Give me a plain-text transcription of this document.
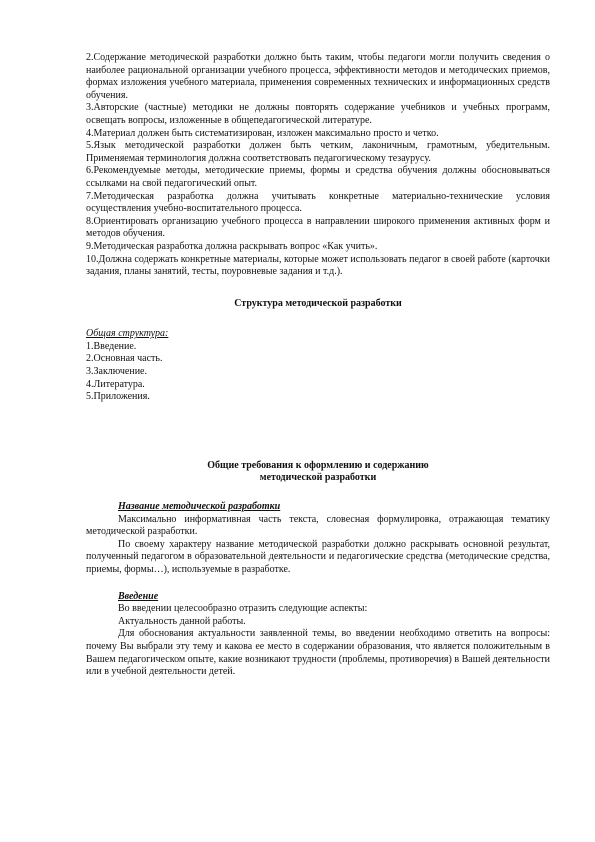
2.Содержание методической разработки должно быть таким, чтобы педагоги могли получить сведения о наиболее рациональной организации учебного процесса, эффективности методов и методических приемов, формах изложения учебного материала, применения современных технических и информационных средств обучения.

3.Авторские (частные) методики не должны повторять содержание учебников и учебных программ, освещать вопросы, изложенные в общепедагогической литературе.

4.Материал должен быть систематизирован, изложен максимально просто и четко.

5.Язык методической разработки должен быть четким, лаконичным, грамотным, убедительным. Применяемая терминология должна соответствовать педагогическому тезаурусу.

6.Рекомендуемые методы, методические приемы, формы и средства обучения должны обосновываться ссылками на свой педагогический опыт.

7.Методическая разработка должна учитывать конкретные материально-технические условия осуществления учебно-воспитательного процесса.

8.Ориентировать организацию учебного процесса в направлении широкого применения активных форм и методов обучения.

9.Методическая разработка должна раскрывать вопрос «Как учить».

10.Должна содержать конкретные материалы, которые может использовать педагог в своей работе (карточки задания, планы занятий, тесты, поуровневые задания и т.д.).

Структура методической разработки

Общая структура:

1.Введение.

2.Основная часть.

3.Заключение.

4.Литература.

5.Приложения.

Общие требования к оформлению и содержанию

методической разработки

Название методической разработки

Максимально информативная часть текста, словесная формулировка, отражающая тематику методической разработки.

По своему характеру название методической разработки должно раскрывать основной результат, полученный педагогом в образовательной деятельности и педагогические средства (методические средства, приемы, формы…), используемые в разработке.

Введение

Во введении целесообразно отразить следующие аспекты:

Актуальность данной работы.

Для обоснования актуальности заявленной темы, во введении необходимо ответить на вопросы: почему Вы выбрали эту тему и какова ее место в содержании образования, что является положительным в Вашем педагогическом опыте, какие возникают трудности (проблемы, противоречия) в Вашей деятельности или в учебной деятельности детей.
